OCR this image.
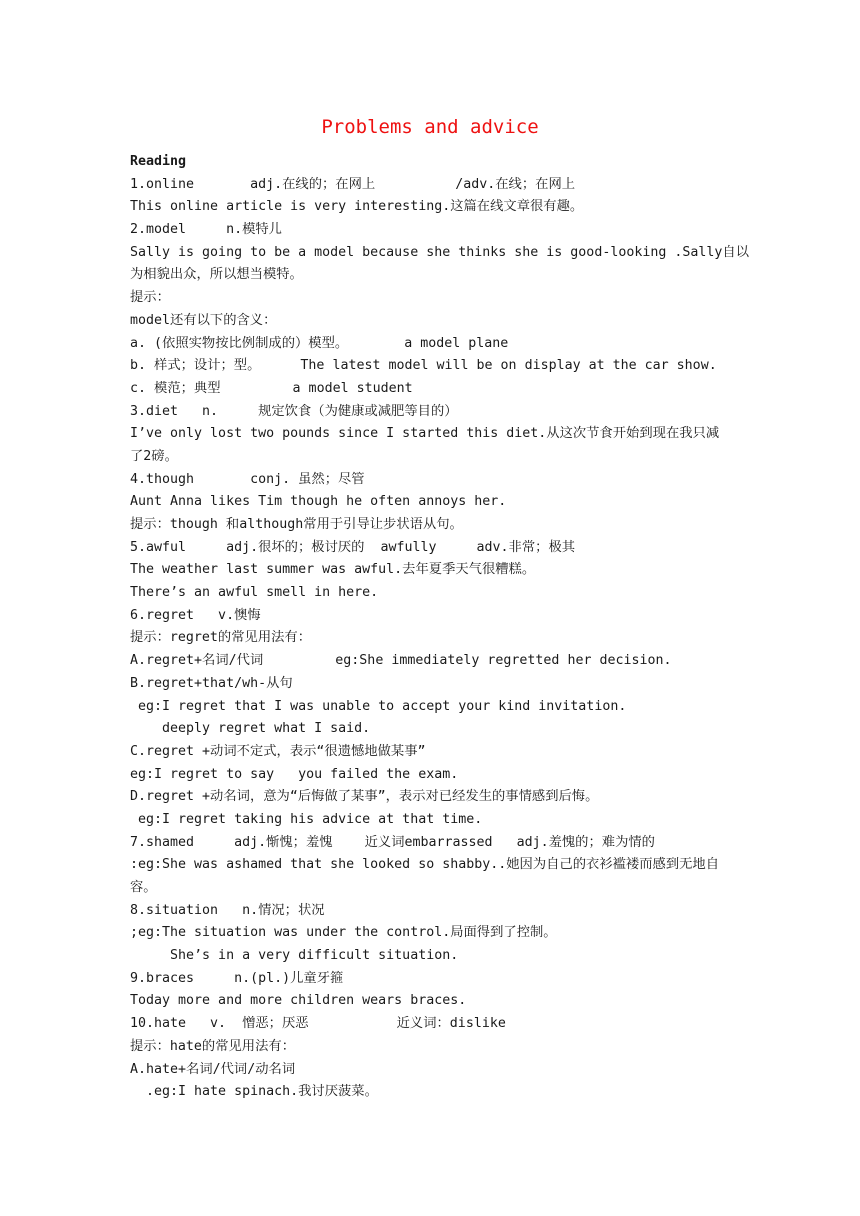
Problems and advice
Reading
1.online       adj.在线的；在网上          /adv.在线；在网上
This online article is very interesting.这篇在线文章很有趣。
2.model     n.模特儿
Sally is going to be a model because she thinks she is good-looking .Sally自以
为相貌出众，所以想当模特。
提示：
model还有以下的含义：
a. (依照实物按比例制成的）模型。       a model plane
b. 样式；设计；型。     The latest model will be on display at the car show.
c. 模范；典型         a model student
3.diet   n.     规定饮食（为健康或减肥等目的）
I’ve only lost two pounds since I started this diet.从这次节食开始到现在我只减
了2磅。
4.though       conj. 虽然；尽管
Aunt Anna likes Tim though he often annoys her.
提示：though 和although常用于引导让步状语从句。
5.awful     adj.很坏的；极讨厌的  awfully     adv.非常；极其
The weather last summer was awful.去年夏季天气很糟糕。
There’s an awful smell in here.
6.regret   v.懊悔
提示：regret的常见用法有：
A.regret+名词/代词         eg:She immediately regretted her decision.
B.regret+that/wh-从句
eg:I regret that I was unable to accept your kind invitation.
deeply regret what I said.
C.regret +动词不定式，表示“很遗憾地做某事”
eg:I regret to say   you failed the exam.
D.regret +动名词，意为“后悔做了某事”，表示对已经发生的事情感到后悔。
eg:I regret taking his advice at that time.
7.shamed     adj.惭愧；羞愧    近义词embarrassed   adj.羞愧的；难为情的
:eg:She was ashamed that she looked so shabby..她因为自己的衣衫褴褛而感到无地自
容。
8.situation   n.情况；状况
;eg:The situation was under the control.局面得到了控制。
She’s in a very difficult situation.
9.braces     n.(pl.)儿童牙箍
Today more and more children wears braces.
10.hate   v.  憎恶；厌恶           近义词：dislike
提示：hate的常见用法有：
A.hate+名词/代词/动名词
.eg:I hate spinach.我讨厌菠菜。
